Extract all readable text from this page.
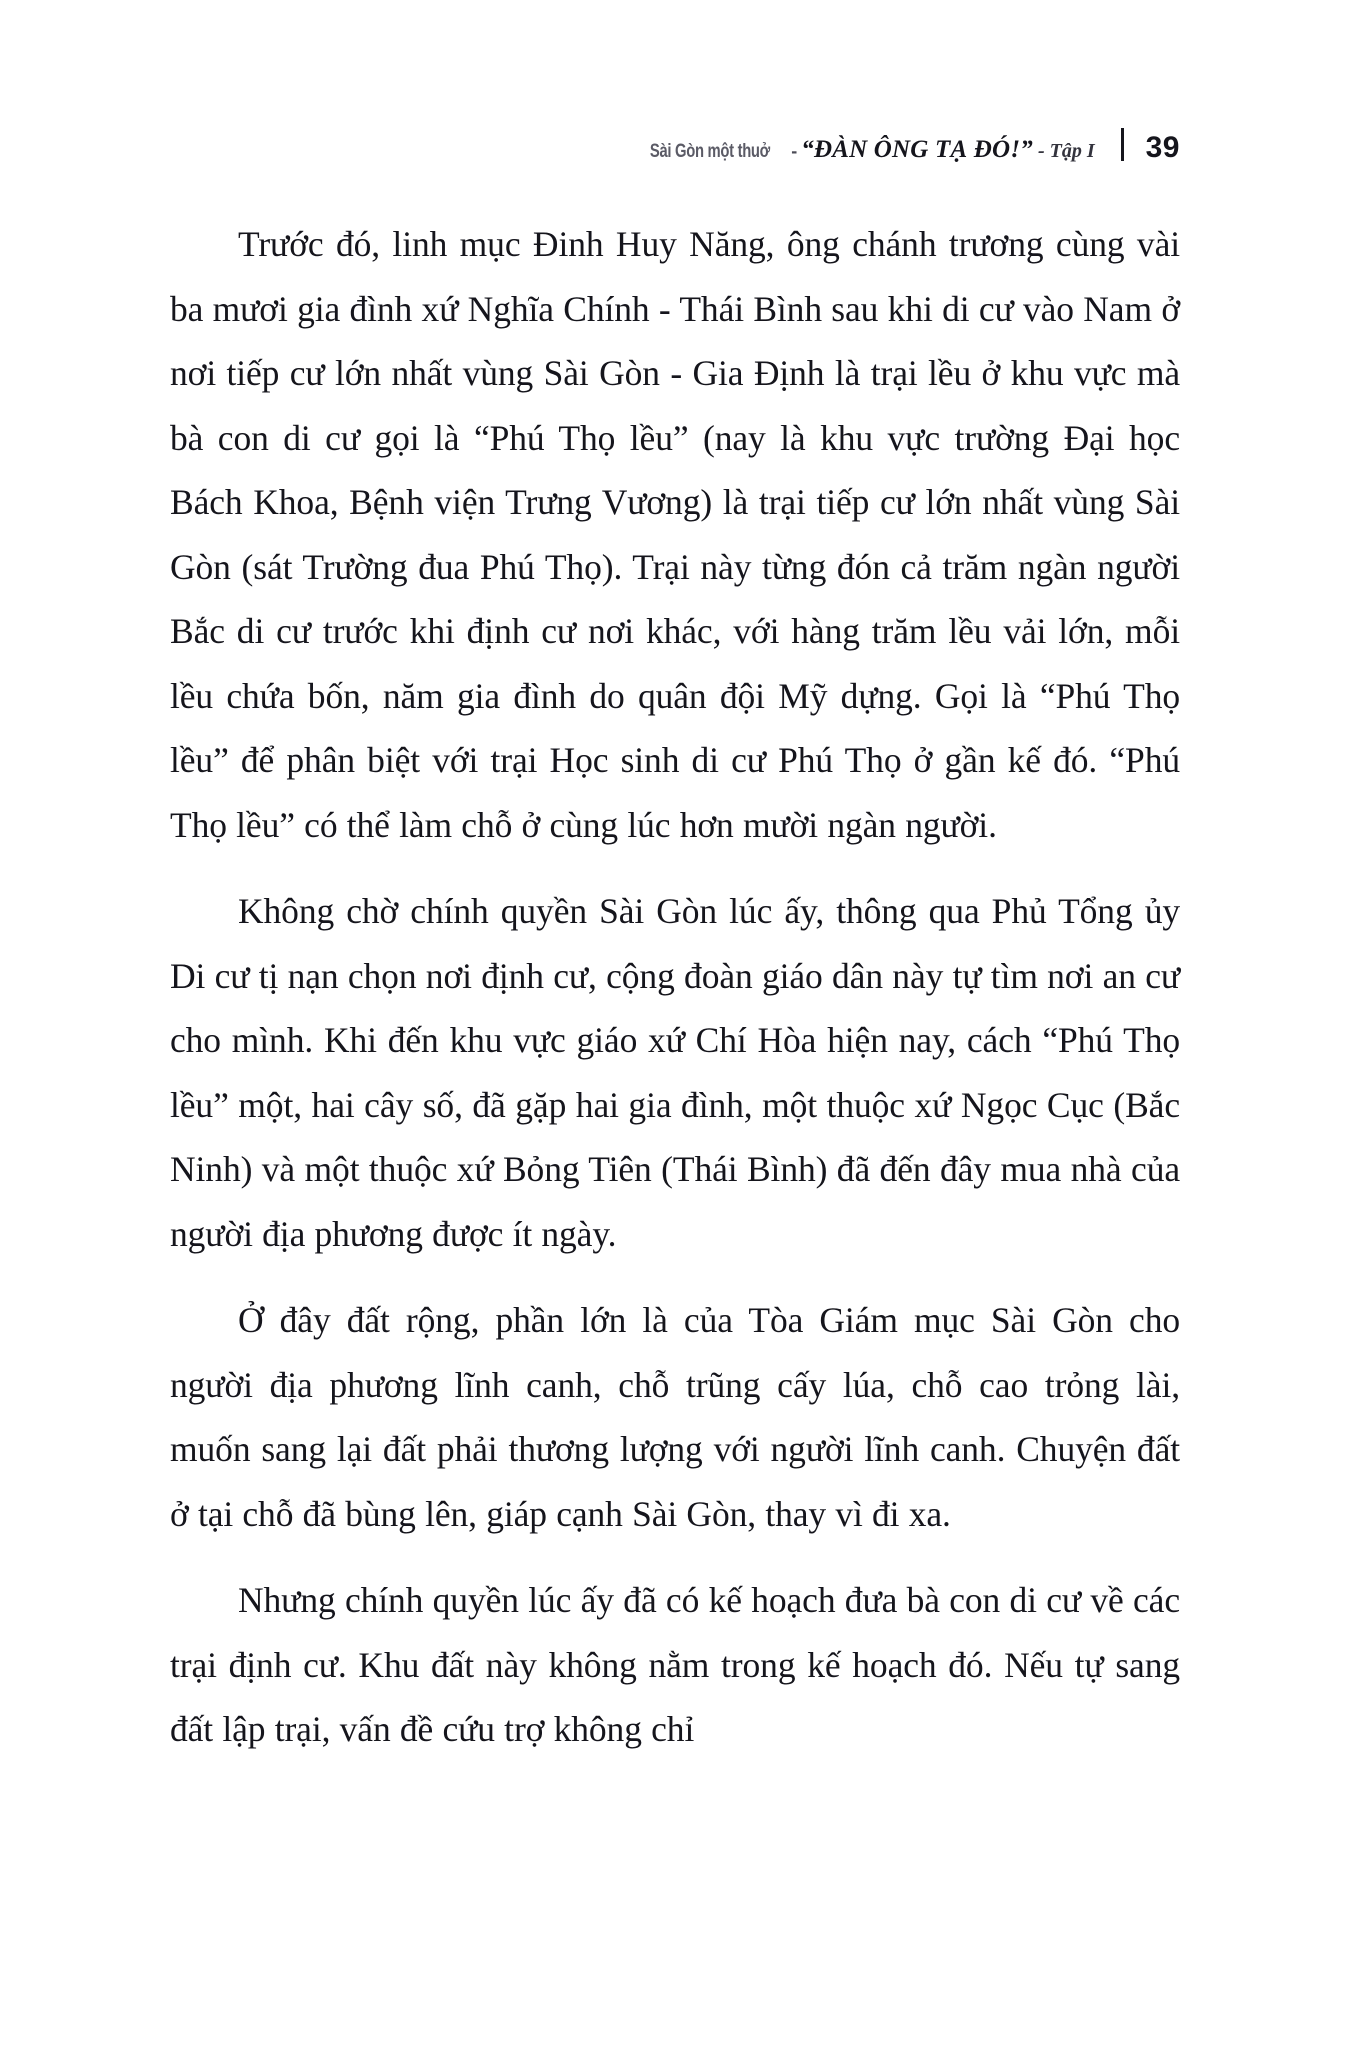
Sài Gòn một thuở - “ĐÀN ÔNG TẠ ĐÓ!” - Tập I 39

Trước đó, linh mục Đinh Huy Năng, ông chánh trương cùng vài ba mươi gia đình xứ Nghĩa Chính - Thái Bình sau khi di cư vào Nam ở nơi tiếp cư lớn nhất vùng Sài Gòn - Gia Định là trại lều ở khu vực mà bà con di cư gọi là “Phú Thọ lều” (nay là khu vực trường Đại học Bách Khoa, Bệnh viện Trưng Vương) là trại tiếp cư lớn nhất vùng Sài Gòn (sát Trường đua Phú Thọ). Trại này từng đón cả trăm ngàn người Bắc di cư trước khi định cư nơi khác, với hàng trăm lều vải lớn, mỗi lều chứa bốn, năm gia đình do quân đội Mỹ dựng. Gọi là “Phú Thọ lều” để phân biệt với trại Học sinh di cư Phú Thọ ở gần kế đó. “Phú Thọ lều” có thể làm chỗ ở cùng lúc hơn mười ngàn người.

Không chờ chính quyền Sài Gòn lúc ấy, thông qua Phủ Tổng ủy Di cư tị nạn chọn nơi định cư, cộng đoàn giáo dân này tự tìm nơi an cư cho mình. Khi đến khu vực giáo xứ Chí Hòa hiện nay, cách “Phú Thọ lều” một, hai cây số, đã gặp hai gia đình, một thuộc xứ Ngọc Cục (Bắc Ninh) và một thuộc xứ Bỏng Tiên (Thái Bình) đã đến đây mua nhà của người địa phương được ít ngày.

Ở đây đất rộng, phần lớn là của Tòa Giám mục Sài Gòn cho người địa phương lĩnh canh, chỗ trũng cấy lúa, chỗ cao trỏng lài, muốn sang lại đất phải thương lượng với người lĩnh canh. Chuyện đất ở tại chỗ đã bùng lên, giáp cạnh Sài Gòn, thay vì đi xa.

Nhưng chính quyền lúc ấy đã có kế hoạch đưa bà con di cư về các trại định cư. Khu đất này không nằm trong kế hoạch đó. Nếu tự sang đất lập trại, vấn đề cứu trợ không chỉ
